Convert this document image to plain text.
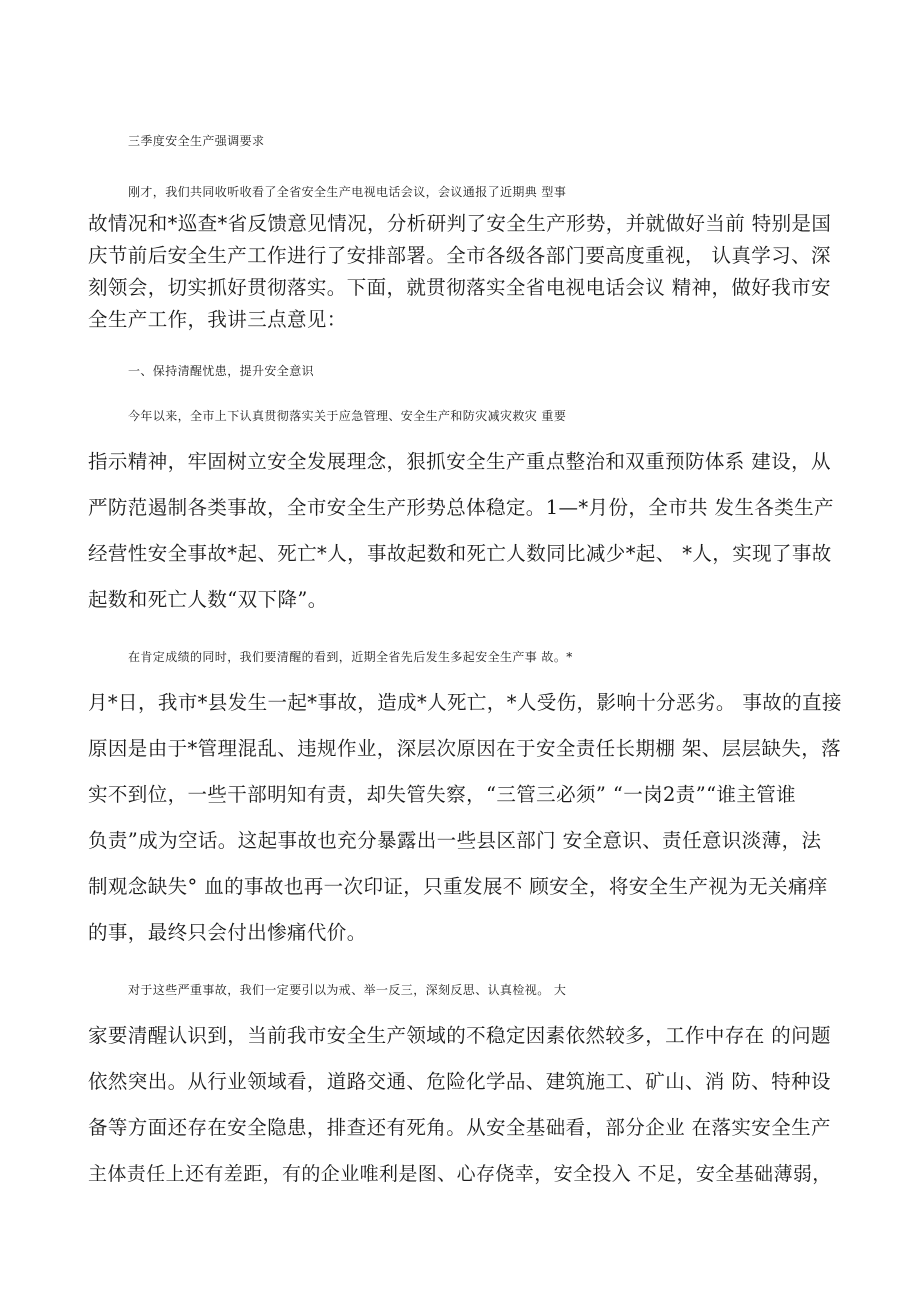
三季度安全生产强调要求
刚才，我们共同收听收看了全省安全生产电视电话会议，会议通报了近期典 型事
故情况和*巡查*省反馈意见情况，分析研判了安全生产形势，并就做好当前 特别是国
庆节前后安全生产工作进行了安排部署。全市各级各部门要高度重视， 认真学习、深
刻领会，切实抓好贯彻落实。下面，就贯彻落实全省电视电话会议 精神，做好我市安
全生产工作，我讲三点意见：
一、保持清醒忧患，提升安全意识
今年以来，全市上下认真贯彻落实关于应急管理、安全生产和防灾减灾救灾 重要
指示精神，牢固树立安全发展理念，狠抓安全生产重点整治和双重预防体系 建设，从
严防范遏制各类事故，全市安全生产形势总体稳定。1—*月份，全市共 发生各类生产
经营性安全事故*起、死亡*人，事故起数和死亡人数同比减少*起、 *人，实现了事故
起数和死亡人数“双下降”。
在肯定成绩的同时，我们要清醒的看到，近期全省先后发生多起安全生产事 故。*
月*日，我市*县发生一起*事故，造成*人死亡，*人受伤，影响十分恶劣。 事故的直接
原因是由于*管理混乱、违规作业，深层次原因在于安全责任长期棚 架、层层缺失，落
实不到位，一些干部明知有责，却失管失察，“三管三必须” “一岗2责”“谁主管谁
负责”成为空话。这起事故也充分暴露出一些县区部门 安全意识、责任意识淡薄，法
制观念缺失° 血的事故也再一次印证，只重发展不 顾安全，将安全生产视为无关痛痒
的事，最终只会付出惨痛代价。
对于这些严重事故，我们一定要引以为戒、举一反三，深刻反思、认真检视。 大
家要清醒认识到，当前我市安全生产领域的不稳定因素依然较多，工作中存在 的问题
依然突出。从行业领域看，道路交通、危险化学品、建筑施工、矿山、消 防、特种设
备等方面还存在安全隐患，排查还有死角。从安全基础看，部分企业 在落实安全生产
主体责任上还有差距，有的企业唯利是图、心存侥幸，安全投入 不足，安全基础薄弱，
